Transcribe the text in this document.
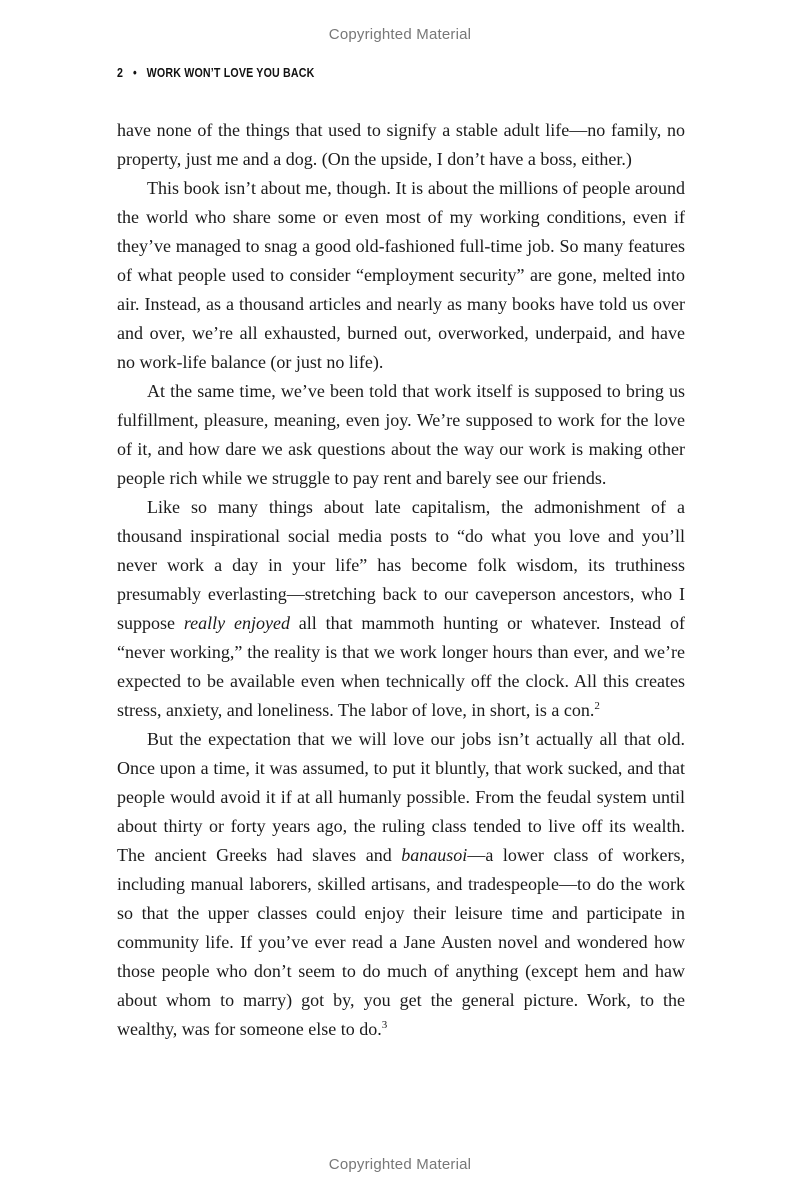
Copyrighted Material
2 • WORK WON’T LOVE YOU BACK

have none of the things that used to signify a stable adult life—no family, no property, just me and a dog. (On the upside, I don’t have a boss, either.)

This book isn’t about me, though. It is about the millions of people around the world who share some or even most of my working conditions, even if they’ve managed to snag a good old-fashioned full-time job. So many features of what people used to consider “employment security” are gone, melted into air. Instead, as a thousand articles and nearly as many books have told us over and over, we’re all exhausted, burned out, overworked, underpaid, and have no work-life balance (or just no life).

At the same time, we’ve been told that work itself is supposed to bring us fulfillment, pleasure, meaning, even joy. We’re supposed to work for the love of it, and how dare we ask questions about the way our work is making other people rich while we struggle to pay rent and barely see our friends.

Like so many things about late capitalism, the admonishment of a thousand inspirational social media posts to “do what you love and you’ll never work a day in your life” has become folk wisdom, its truthiness presumably everlasting—stretching back to our caveperson ancestors, who I suppose really enjoyed all that mammoth hunting or whatever. Instead of “never working,” the reality is that we work longer hours than ever, and we’re expected to be available even when technically off the clock. All this creates stress, anxiety, and loneliness. The labor of love, in short, is a con.$^2$

But the expectation that we will love our jobs isn’t actually all that old. Once upon a time, it was assumed, to put it bluntly, that work sucked, and that people would avoid it if at all humanly possible. From the feudal system until about thirty or forty years ago, the ruling class tended to live off its wealth. The ancient Greeks had slaves and banausoi—a lower class of workers, including manual laborers, skilled artisans, and tradespeople—to do the work so that the upper classes could enjoy their leisure time and participate in community life. If you’ve ever read a Jane Austen novel and wondered how those people who don’t seem to do much of anything (except hem and haw about whom to marry) got by, you get the general picture. Work, to the wealthy, was for someone else to do.$^3$

Copyrighted Material
